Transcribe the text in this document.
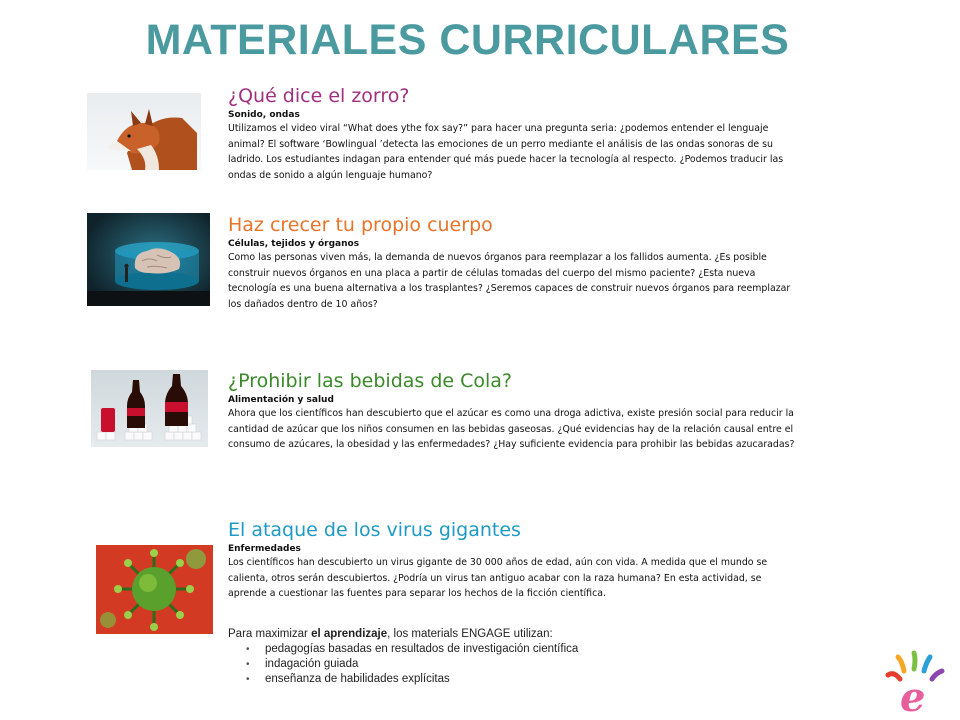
MATERIALES CURRICULARES
¿Qué dice el zorro?
Sonido, ondas
Utilizamos el video viral “What does ythe fox say?” para hacer una pregunta seria: ¿podemos entender el lenguaje animal? El software ‘Bowlingual ’detecta las emociones de un perro mediante el análisis de las ondas sonoras de su ladrido. Los estudiantes indagan para entender qué más puede hacer la tecnología al respecto. ¿Podemos traducir las ondas de sonido a algún lenguaje humano?
Haz crecer tu propio cuerpo
Células, tejidos y órganos
Como las personas viven más, la demanda de nuevos órganos para reemplazar a los fallidos aumenta. ¿Es posible construir nuevos órganos en una placa a partir de células tomadas del cuerpo del mismo paciente? ¿Esta nueva tecnología es una buena alternativa a los trasplantes? ¿Seremos capaces de construir nuevos órganos para reemplazar los dañados dentro de 10 años?
¿Prohibir las bebidas de Cola?
Alimentación y salud
Ahora que los científicos han descubierto que el azúcar es como una droga adictiva, existe presión social para reducir la cantidad de azúcar que los niños consumen en las bebidas gaseosas. ¿Qué evidencias hay de la relación causal entre el consumo de azúcares, la obesidad y las enfermedades? ¿Hay suficiente evidencia para prohibir las bebidas azucaradas?
El ataque de los virus gigantes
Enfermedades
Los científicos han descubierto un virus gigante de 30 000 años de edad, aún con vida. A medida que el mundo se calienta, otros serán descubiertos. ¿Podría un virus tan antiguo acabar con la raza humana? En esta actividad, se aprende a cuestionar las fuentes para separar los hechos de la ficción científica.
Para maximizar el aprendizaje, los materials ENGAGE utilizan:
• pedagogías basadas en resultados de investigación científica
• indagación guiada
• enseñanza de habilidades explícitas	e
